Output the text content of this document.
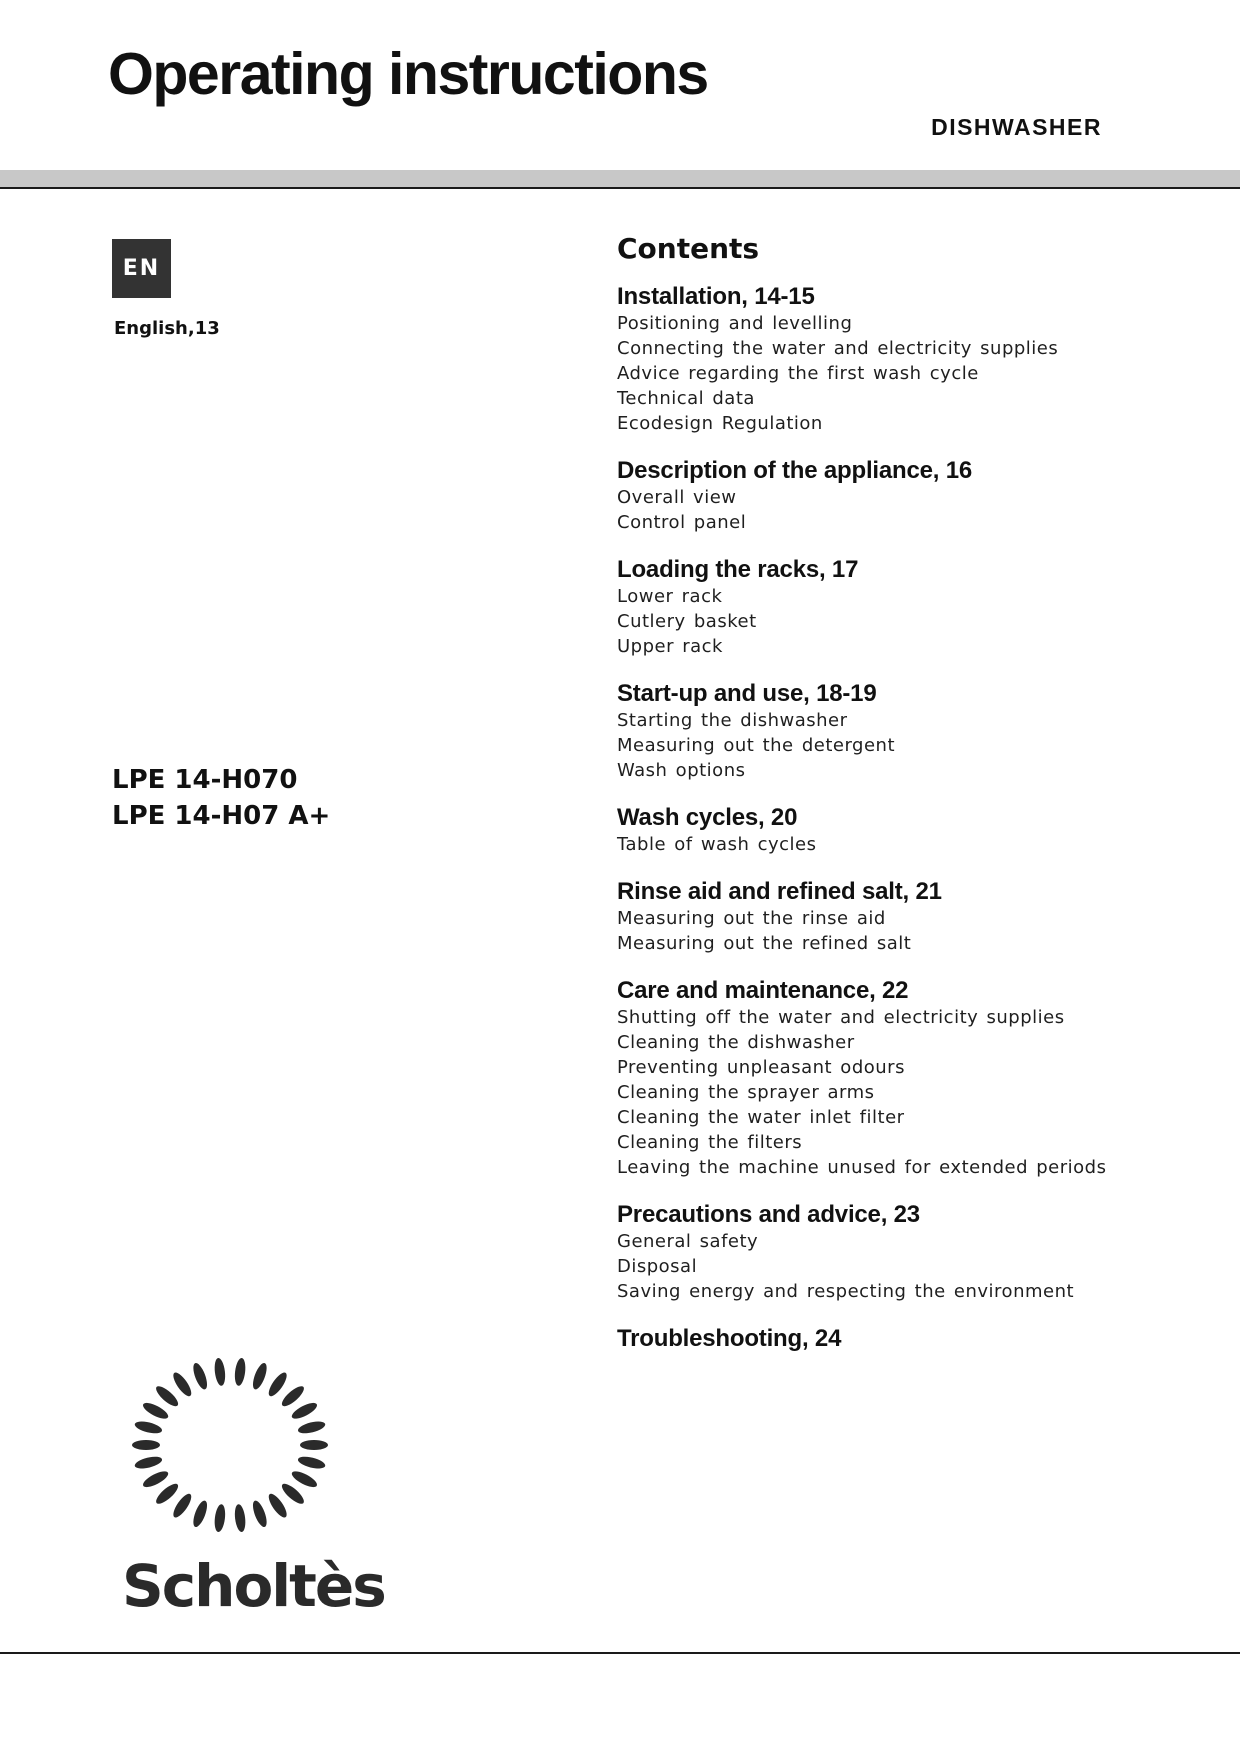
Operating instructions
DISHWASHER
EN
English,13
LPE 14-H070
LPE 14-H07 A+
Scholtès
Contents
Installation, 14-15
Positioning and levelling
Connecting the water and electricity supplies
Advice regarding the first wash cycle
Technical data
Ecodesign Regulation
Description of the appliance, 16
Overall view
Control panel
Loading the racks, 17
Lower rack
Cutlery basket
Upper rack
Start-up and use, 18-19
Starting the dishwasher
Measuring out the detergent
Wash options
Wash cycles, 20
Table of wash cycles
Rinse aid and refined salt, 21
Measuring out the rinse aid
Measuring out the refined salt
Care and maintenance, 22
Shutting off the water and electricity supplies
Cleaning the dishwasher
Preventing unpleasant odours
Cleaning the sprayer arms
Cleaning the water inlet filter
Cleaning the filters
Leaving the machine unused for extended periods
Precautions and advice, 23
General safety
Disposal
Saving energy and respecting the environment
Troubleshooting, 24
